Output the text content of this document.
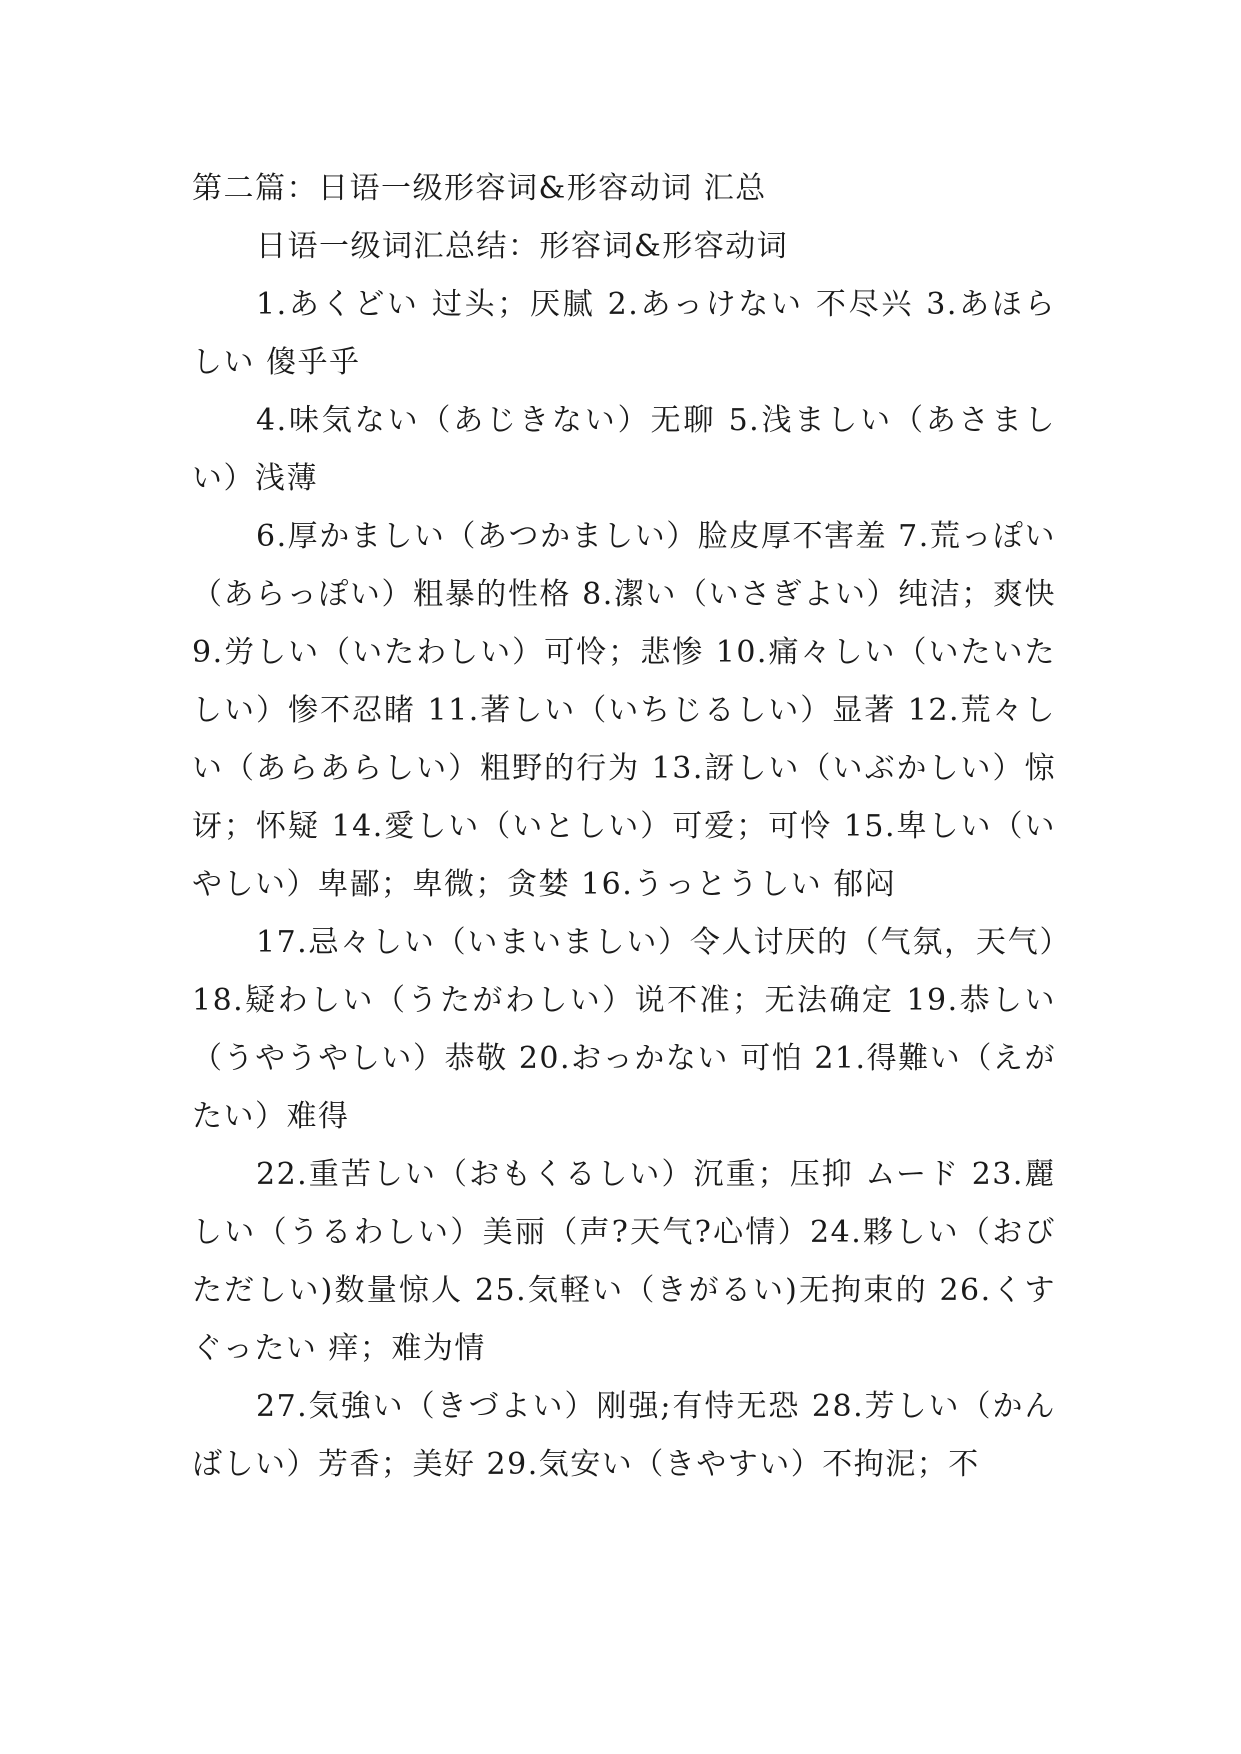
第二篇：日语一级形容词&形容动词 汇总

日语一级词汇总结：形容词&形容动词

1.あくどい 过头；厌腻 2.あっけない 不尽兴 3.あほらしい 傻乎乎

4.味気ない（あじきない）无聊 5.浅ましい（あさましい）浅薄

6.厚かましい（あつかましい）脸皮厚不害羞 7.荒っぽい（あらっぽい）粗暴的性格 8.潔い（いさぎよい）纯洁；爽快 9.労しい（いたわしい）可怜；悲惨 10.痛々しい（いたいたしい）惨不忍睹 11.著しい（いちじるしい）显著 12.荒々しい（あらあらしい）粗野的行为 13.訝しい（いぶかしい）惊讶；怀疑 14.愛しい（いとしい）可爱；可怜 15.卑しい（いやしい）卑鄙；卑微；贪婪 16.うっとうしい 郁闷

17.忌々しい（いまいましい）令人讨厌的（气氛，天气）18.疑わしい（うたがわしい）说不准；无法确定 19.恭しい（うやうやしい）恭敬 20.おっかない 可怕 21.得難い（えがたい）难得

22.重苦しい（おもくるしい）沉重；压抑 ムード 23.麗しい（うるわしい）美丽（声?天气?心情）24.夥しい（おびただしい)数量惊人 25.気軽い（きがるい)无拘束的 26.くすぐったい 痒；难为情

27.気強い（きづよい）刚强;有恃无恐 28.芳しい（かんばしい）芳香；美好 29.気安い（きやすい）不拘泥；不
